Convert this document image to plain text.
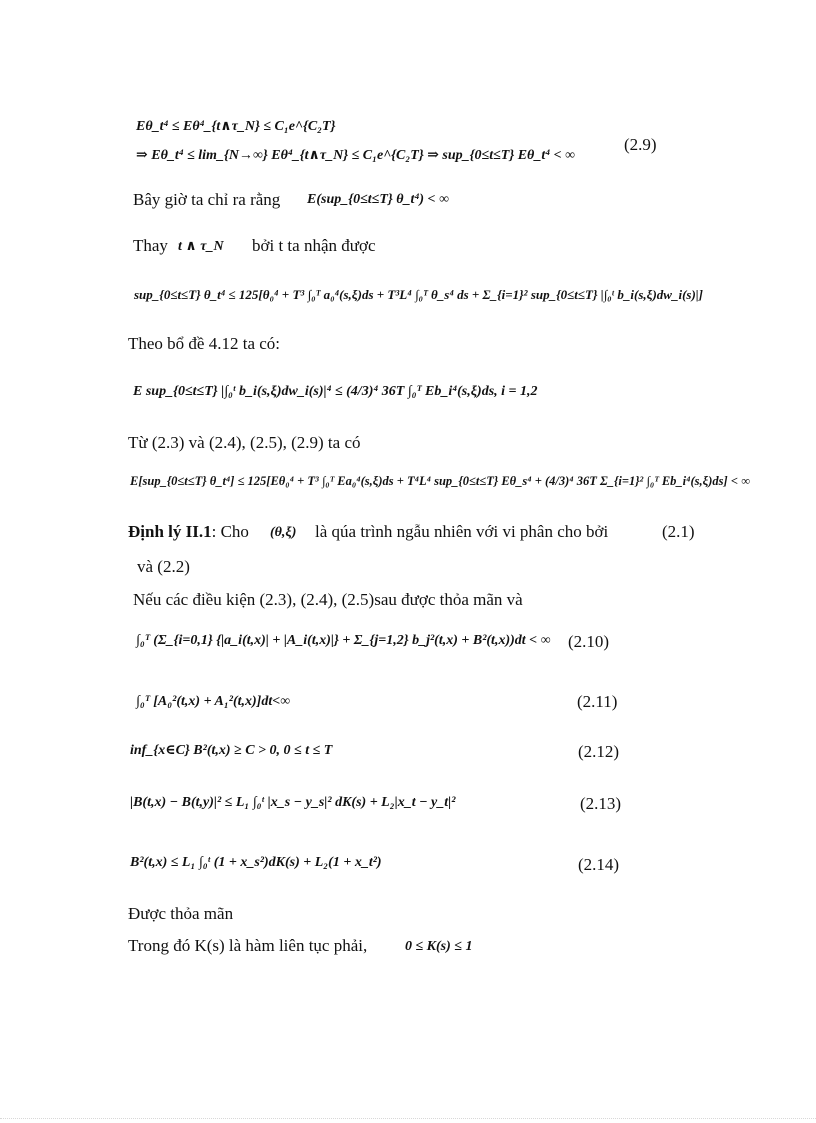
Eθ_t⁴ ≤ Eθ⁴_{t∧τ_N} ≤ C₁e^{C₂T}
⇒ Eθ_t⁴ ≤ lim_{N→∞} Eθ⁴_{t∧τ_N} ≤ C₁e^{C₂T} ⇒ sup_{0≤t≤T} Eθ_t⁴ < ∞
(2.9)
Bây giờ ta chỉ ra rằng E(sup_{0≤t≤T} θ_t⁴) < ∞
Thay t ∧ τ_N bởi t ta nhận được
sup_{0≤t≤T} θ_t⁴ ≤ 125[θ₀⁴ + T³ ∫₀ᵀ a₀⁴(s,ξ)ds + T³L⁴ ∫₀ᵀ θ_s⁴ ds + Σ_{i=1}² sup_{0≤t≤T} |∫₀ᵗ b_i(s,ξ)dw_i(s)|]
Theo bổ đề 4.12 ta có:
E sup_{0≤t≤T} |∫₀ᵗ b_i(s,ξ)dw_i(s)|⁴ ≤ (4/3)⁴ 36T ∫₀ᵀ Eb_i⁴(s,ξ)ds, i = 1,2
Từ (2.3) và (2.4), (2.5), (2.9) ta có
E[sup_{0≤t≤T} θ_t⁴] ≤ 125[Eθ₀⁴ + T³ ∫₀ᵀ Ea₀⁴(s,ξ)ds + T⁴L⁴ sup_{0≤t≤T} Eθ_s⁴ + (4/3)⁴ 36T Σ_{i=1}² ∫₀ᵀ Eb_i⁴(s,ξ)ds] < ∞
Định lý II.1: Cho (θ,ξ) là qúa trình ngẫu nhiên với vi phân cho bởi	(2.1)
và (2.2)
Nếu các điều kiện (2.3), (2.4), (2.5)sau được thỏa mãn và
∫₀ᵀ (Σ_{i=0,1} {|a_i(t,x)| + |A_i(t,x)|} + Σ_{j=1,2} b_j²(t,x) + B²(t,x))dt < ∞ (2.10)
∫₀ᵀ [A₀²(t,x) + A₁²(t,x)]dt<∞	(2.11)
inf_{x∈C} B²(t,x) ≥ C > 0, 0 ≤ t ≤ T	(2.12)
|B(t,x) − B(t,y)|² ≤ L₁ ∫₀ᵗ |x_s − y_s|² dK(s) + L₂|x_t − y_t|²	(2.13)
B²(t,x) ≤ L₁ ∫₀ᵗ (1 + x_s²)dK(s) + L₂(1 + x_t²)	(2.14)
Được thỏa mãn
Trong đó K(s) là hàm liên tục phải,	0 ≤ K(s) ≤ 1
